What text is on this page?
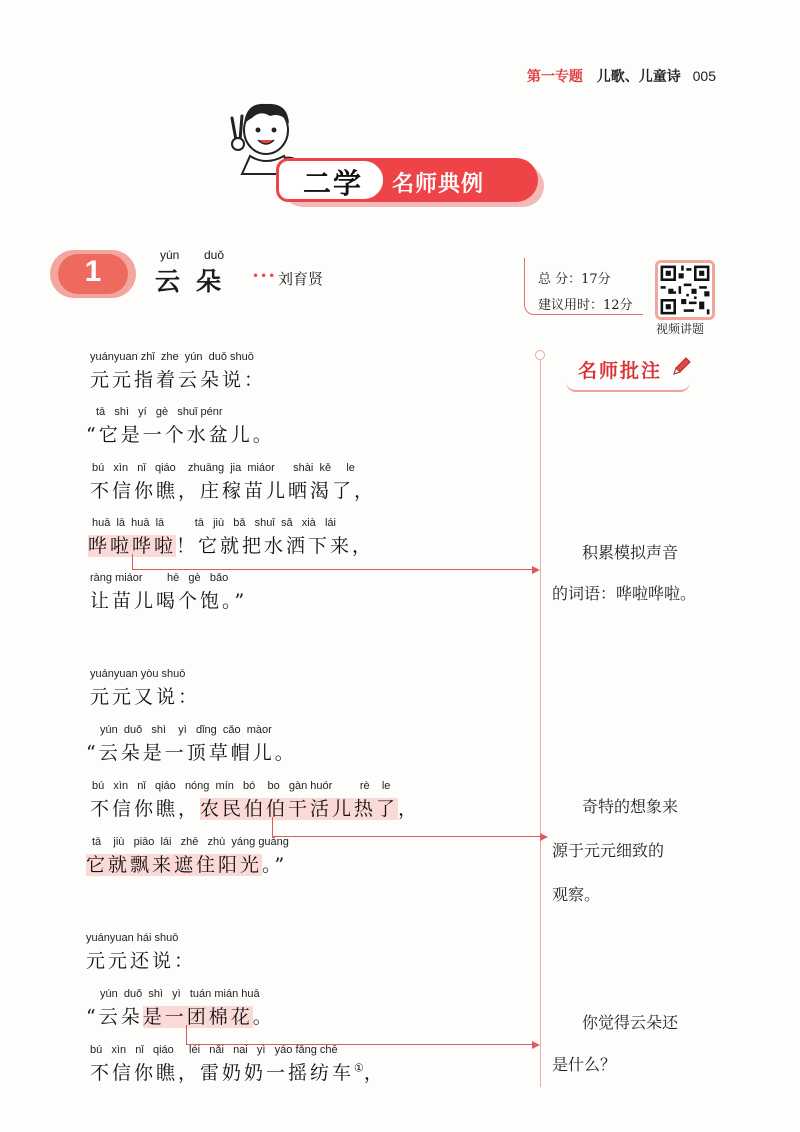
第一专题 儿歌、儿童诗 005
二学	名师典例
1	yún duǒ
云朵 ••• 刘育贤	总 分：17分
建议用时：12分
视频讲题
名师批注
yuányuan zhǐ  zhe  yún  duǒ shuō
元元指着云朵说：
tā   shì   yí   gè   shuǐ pénr
“它是一个水盆儿。
bú   xìn   nǐ   qiáo    zhuāng  jia  miáor      shài  kě     le
不信你瞧，庄稼苗儿晒渴了，
huā  lā  huā  lā          tā   jiù   bǎ   shuǐ  sǎ   xià   lái
哗啦哗啦！它就把水洒下来，
ràng miáor        hē   gè   bǎo
让苗儿喝个饱。”
yuányuan yòu shuō
元元又说：
yún  duǒ   shì    yì   dǐng  cǎo  màor
“云朵是一顶草帽儿。
bú   xìn   nǐ   qiáo   nóng  mín   bó    bo   gàn huór         rè    le
不信你瞧，农民伯伯干活儿热了，
tā    jiù   piāo  lái   zhē   zhù  yáng guāng
它就飘来遮住阳光。”
yuányuan hái shuō
元元还说：
yún  duǒ  shì   yì   tuán mián huā
“云朵是一团棉花。
bú   xìn   nǐ   qiáo     léi   nǎi   nai   yì   yáo fǎng chē
不信你瞧，雷奶奶一摇纺车①，
积累模拟声音
的词语：哗啦哗啦。
奇特的想象来
源于元元细致的
观察。
你觉得云朵还
是什么？
